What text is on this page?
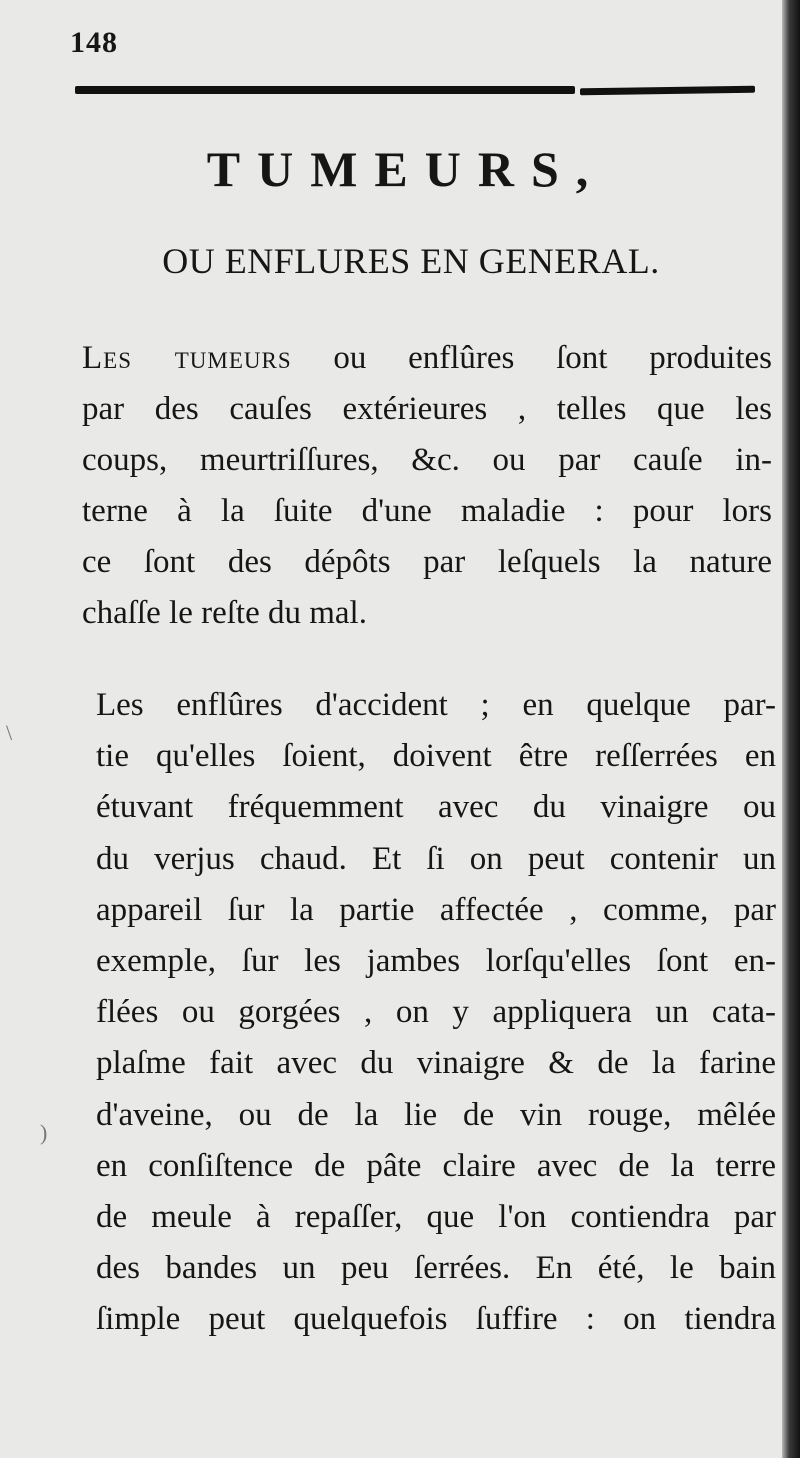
148
TUMEURS,
OU ENFLURES EN GENERAL.
Les tumeurs ou enflûres ſont produites
par des cauſes extérieures , telles que les
coups, meurtriſſures, &c. ou par cauſe in-
terne à la ſuite d'une maladie : pour lors
ce ſont des dépôts par leſquels la nature
chaſſe le reſte du mal.
Les enflûres d'accident ; en quelque par-
tie qu'elles ſoient, doivent être reſſerrées en
étuvant fréquemment avec du vinaigre ou
du verjus chaud. Et ſi on peut contenir un
appareil ſur la partie affectée , comme, par
exemple, ſur les jambes lorſqu'elles ſont en-
flées ou gorgées , on y appliquera un cata-
plaſme fait avec du vinaigre & de la farine
d'aveine, ou de la lie de vin rouge, mêlée
en conſiſtence de pâte claire avec de la terre
de meule à repaſſer, que l'on contiendra par
des bandes un peu ſerrées. En été, le bain
ſimple peut quelquefois ſuffire : on tiendra
\
)
